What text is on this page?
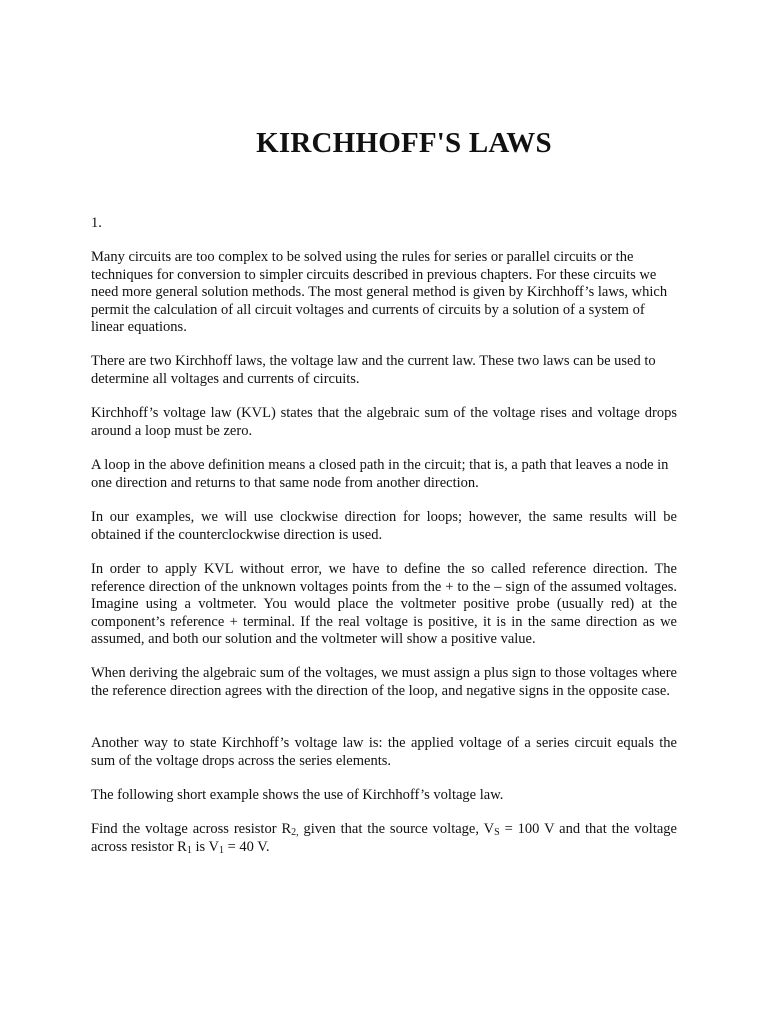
KIRCHHOFF'S LAWS

1.

Many circuits are too complex to be solved using the rules for series or parallel circuits or the techniques for conversion to simpler circuits described in previous chapters. For these circuits we need more general solution methods. The most general method is given by Kirchhoff’s laws, which permit the calculation of all circuit voltages and currents of circuits by a solution of a system of linear equations.

There are two Kirchhoff laws, the voltage law and the current law. These two laws can be used to determine all voltages and currents of circuits.

Kirchhoff’s voltage law (KVL) states that the algebraic sum of the voltage rises and voltage drops around a loop must be zero.

A loop in the above definition means a closed path in the circuit; that is, a path that leaves a node in one direction and returns to that same node from another direction.

In our examples, we will use clockwise direction for loops; however, the same results will be obtained if the counterclockwise direction is used.

In order to apply KVL without error, we have to define the so called reference direction. The reference direction of the unknown voltages points from the + to the – sign of the assumed voltages. Imagine using a voltmeter. You would place the voltmeter positive probe (usually red) at the component’s reference + terminal. If the real voltage is positive, it is in the same direction as we assumed, and both our solution and the voltmeter will show a positive value.

When deriving the algebraic sum of the voltages, we must assign a plus sign to those voltages where the reference direction agrees with the direction of the loop, and negative signs in the opposite case.

Another way to state Kirchhoff’s voltage law is: the applied voltage of a series circuit equals the sum of the voltage drops across the series elements.

The following short example shows the use of Kirchhoff’s voltage law.

Find the voltage across resistor $R_{2,}$ given that the source voltage, $V_S = 100$ V and that the voltage across resistor $R_1$ is $V_1 = 40$ V.
